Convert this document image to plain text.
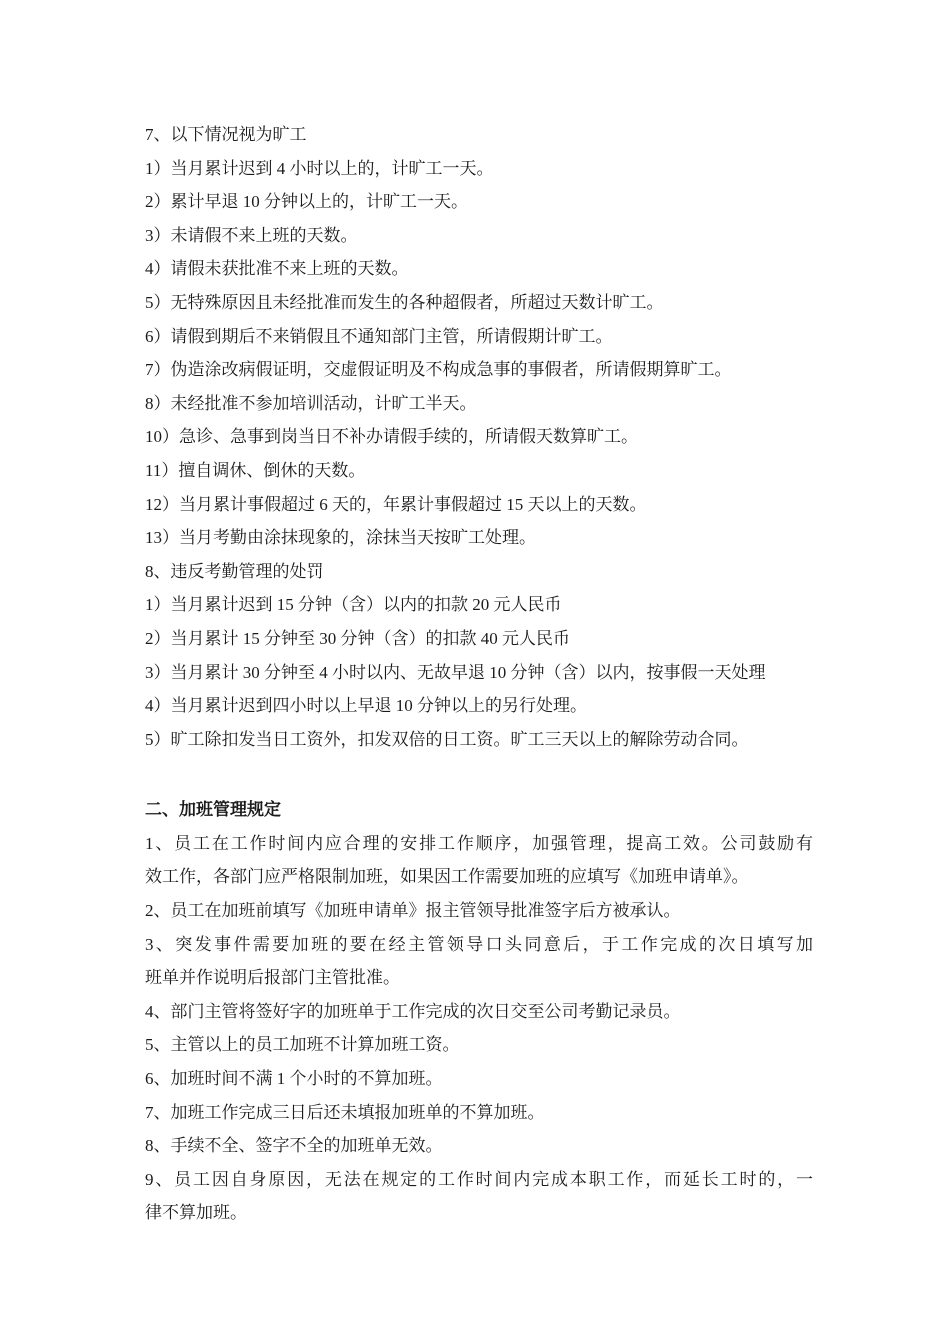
7、以下情况视为旷工
1）当月累计迟到 4 小时以上的，计旷工一天。
2）累计早退 10 分钟以上的，计旷工一天。
3）未请假不来上班的天数。
4）请假未获批准不来上班的天数。
5）无特殊原因且未经批准而发生的各种超假者，所超过天数计旷工。
6）请假到期后不来销假且不通知部门主管，所请假期计旷工。
7）伪造涂改病假证明，交虚假证明及不构成急事的事假者，所请假期算旷工。
8）未经批准不参加培训活动，计旷工半天。
10）急诊、急事到岗当日不补办请假手续的，所请假天数算旷工。
11）擅自调休、倒休的天数。
12）当月累计事假超过 6 天的，年累计事假超过 15 天以上的天数。
13）当月考勤由涂抹现象的，涂抹当天按旷工处理。
8、违反考勤管理的处罚
1）当月累计迟到 15 分钟（含）以内的扣款 20 元人民币
2）当月累计 15 分钟至 30 分钟（含）的扣款 40 元人民币
3）当月累计 30 分钟至 4 小时以内、无故早退 10 分钟（含）以内，按事假一天处理
4）当月累计迟到四小时以上早退 10 分钟以上的另行处理。
5）旷工除扣发当日工资外，扣发双倍的日工资。旷工三天以上的解除劳动合同。
二、加班管理规定
1、员工在工作时间内应合理的安排工作顺序，加强管理，提高工效。公司鼓励有
效工作，各部门应严格限制加班，如果因工作需要加班的应填写《加班申请单》。
2、员工在加班前填写《加班申请单》报主管领导批准签字后方被承认。
3、突发事件需要加班的要在经主管领导口头同意后，于工作完成的次日填写加
班单并作说明后报部门主管批准。
4、部门主管将签好字的加班单于工作完成的次日交至公司考勤记录员。
5、主管以上的员工加班不计算加班工资。
6、加班时间不满 1 个小时的不算加班。
7、加班工作完成三日后还未填报加班单的不算加班。
8、手续不全、签字不全的加班单无效。
9、员工因自身原因，无法在规定的工作时间内完成本职工作，而延长工时的，一
律不算加班。
